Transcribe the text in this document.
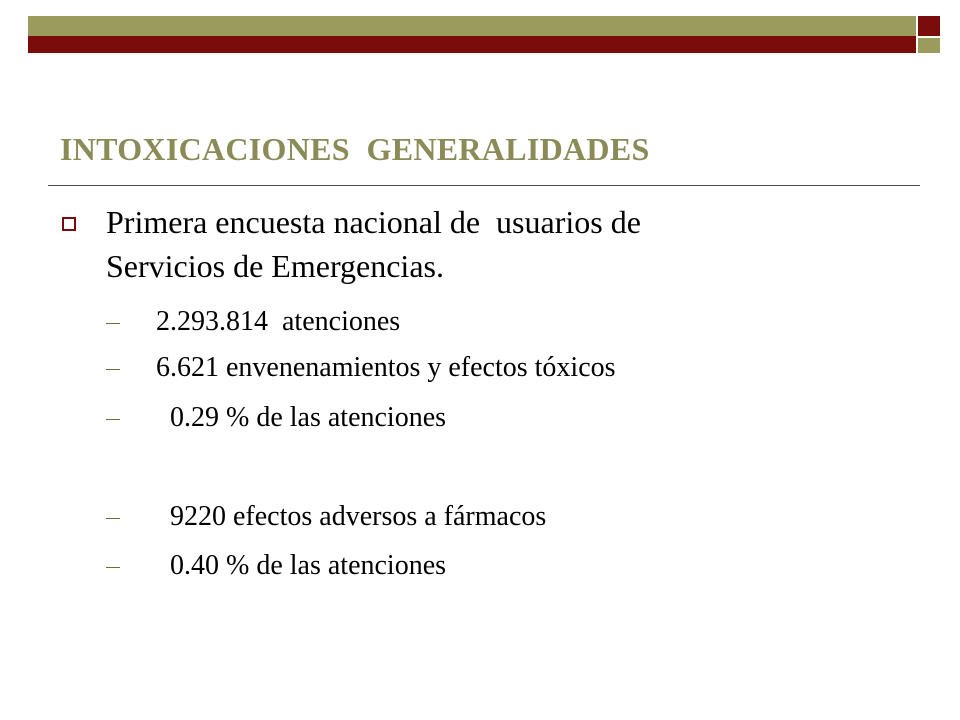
INTOXICACIONES  GENERALIDADES
Primera encuesta nacional de  usuarios de
Servicios de Emergencias.
2.293.814  atenciones
6.621 envenenamientos y efectos tóxicos
0.29 % de las atenciones
9220 efectos adversos a fármacos
0.40 % de las atenciones
